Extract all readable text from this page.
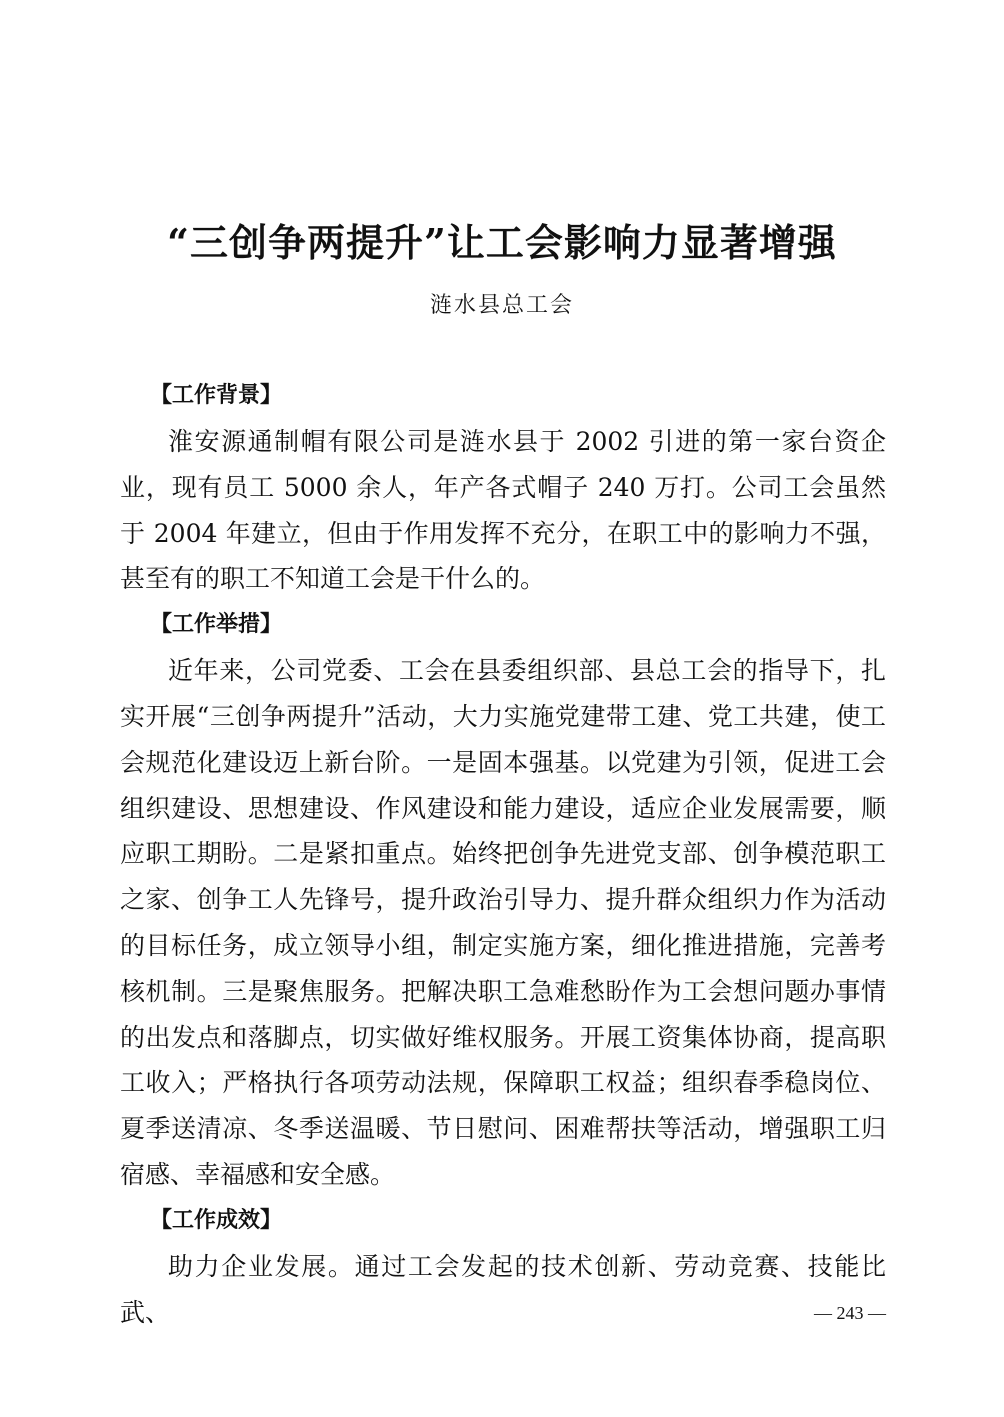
“三创争两提升”让工会影响力显著增强
涟水县总工会
【工作背景】

淮安源通制帽有限公司是涟水县于 2002 引进的第一家台资企业，现有员工 5000 余人，年产各式帽子 240 万打。公司工会虽然于 2004 年建立，但由于作用发挥不充分，在职工中的影响力不强，甚至有的职工不知道工会是干什么的。

【工作举措】

近年来，公司党委、工会在县委组织部、县总工会的指导下，扎实开展“三创争两提升”活动，大力实施党建带工建、党工共建，使工会规范化建设迈上新台阶。一是固本强基。以党建为引领，促进工会组织建设、思想建设、作风建设和能力建设，适应企业发展需要，顺应职工期盼。二是紧扣重点。始终把创争先进党支部、创争模范职工之家、创争工人先锋号，提升政治引导力、提升群众组织力作为活动的目标任务，成立领导小组，制定实施方案，细化推进措施，完善考核机制。三是聚焦服务。把解决职工急难愁盼作为工会想问题办事情的出发点和落脚点，切实做好维权服务。开展工资集体协商，提高职工收入；严格执行各项劳动法规，保障职工权益；组织春季稳岗位、夏季送清凉、冬季送温暖、节日慰问、困难帮扶等活动，增强职工归宿感、幸福感和安全感。

【工作成效】

助力企业发展。通过工会发起的技术创新、劳动竞赛、技能比武、	— 243 —
